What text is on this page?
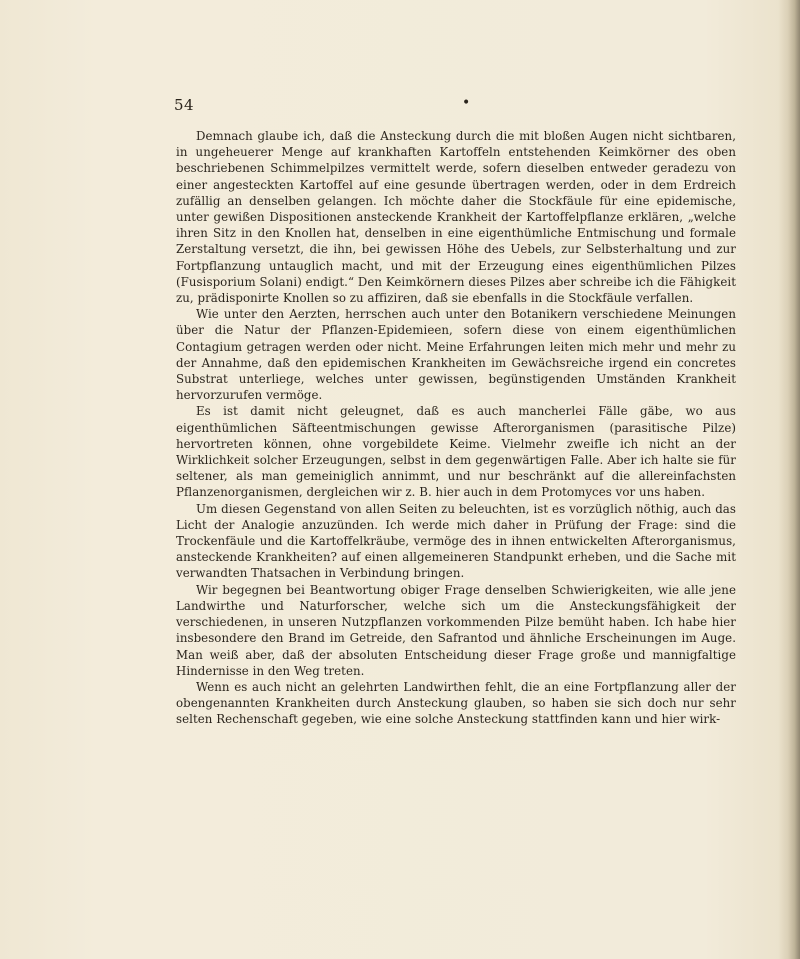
54	•

Demnach glaube ich, daß die Ansteckung durch die mit bloßen Augen nicht sichtbaren, in ungeheuerer Menge auf krankhaften Kartoffeln entstehenden Keimkörner des oben beschriebenen Schimmelpilzes vermittelt werde, sofern dieselben entweder geradezu von einer angesteckten Kartoffel auf eine gesunde übertragen werden, oder in dem Erdreich zufällig an denselben gelangen. Ich möchte daher die Stockfäule für eine epidemische, unter gewißen Dispositionen ansteckende Krankheit der Kartoffelpflanze erklären, „welche ihren Sitz in den Knollen hat, denselben in eine eigenthümliche Entmischung und formale Zerstaltung versetzt, die ihn, bei gewissen Höhe des Uebels, zur Selbsterhaltung und zur Fortpflanzung untauglich macht, und mit der Erzeugung eines eigenthümlichen Pilzes (Fusisporium Solani) endigt.“ Den Keimkörnern dieses Pilzes aber schreibe ich die Fähigkeit zu, prädisponirte Knollen so zu affiziren, daß sie ebenfalls in die Stockfäule verfallen.

Wie unter den Aerzten, herrschen auch unter den Botanikern verschiedene Meinungen über die Natur der Pflanzen-Epidemieen, sofern diese von einem eigenthümlichen Contagium getragen werden oder nicht. Meine Erfahrungen leiten mich mehr und mehr zu der Annahme, daß den epidemischen Krankheiten im Gewächsreiche irgend ein concretes Substrat unterliege, welches unter gewissen, begünstigenden Umständen Krankheit hervorzurufen vermöge.

Es ist damit nicht geleugnet, daß es auch mancherlei Fälle gäbe, wo aus eigenthümlichen Säfteentmischungen gewisse Afterorganismen (parasitische Pilze) hervortreten können, ohne vorgebildete Keime. Vielmehr zweifle ich nicht an der Wirklichkeit solcher Erzeugungen, selbst in dem gegenwärtigen Falle. Aber ich halte sie für seltener, als man gemeiniglich annimmt, und nur beschränkt auf die allereinfachsten Pflanzenorganismen, dergleichen wir z. B. hier auch in dem Protomyces vor uns haben.

Um diesen Gegenstand von allen Seiten zu beleuchten, ist es vorzüglich nöthig, auch das Licht der Analogie anzuzünden. Ich werde mich daher in Prüfung der Frage: sind die Trockenfäule und die Kartoffelkräube, vermöge des in ihnen entwickelten Afterorganismus, ansteckende Krankheiten? auf einen allgemeineren Standpunkt erheben, und die Sache mit verwandten Thatsachen in Verbindung bringen.

Wir begegnen bei Beantwortung obiger Frage denselben Schwierigkeiten, wie alle jene Landwirthe und Naturforscher, welche sich um die Ansteckungsfähigkeit der verschiedenen, in unseren Nutzpflanzen vorkommenden Pilze bemüht haben. Ich habe hier insbesondere den Brand im Getreide, den Safrantod und ähnliche Erscheinungen im Auge. Man weiß aber, daß der absoluten Entscheidung dieser Frage große und mannigfaltige Hindernisse in den Weg treten.

Wenn es auch nicht an gelehrten Landwirthen fehlt, die an eine Fortpflanzung aller der obengenannten Krankheiten durch Ansteckung glauben, so haben sie sich doch nur sehr selten Rechenschaft gegeben, wie eine solche Ansteckung stattfinden kann und hier wirk-
